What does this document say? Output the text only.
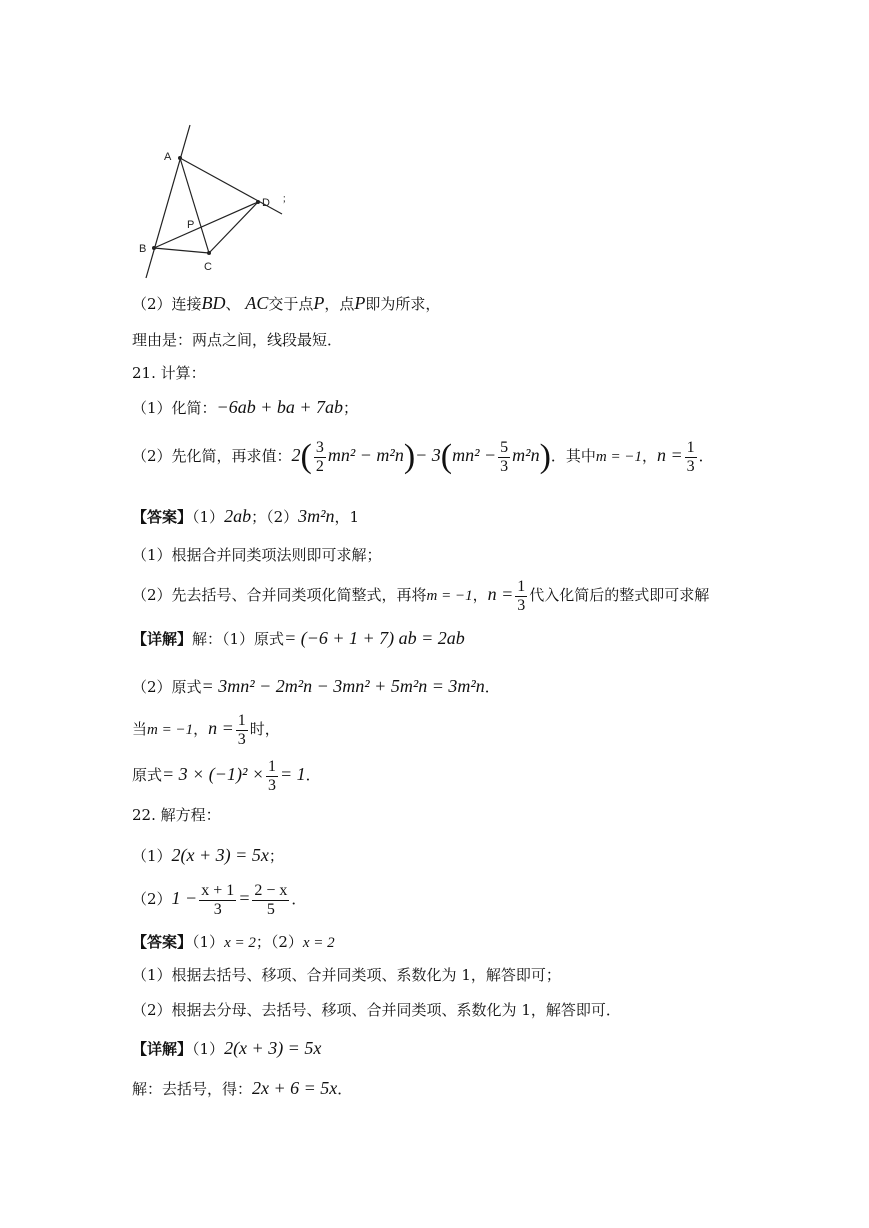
A
B
C
D
P
；
（2）连接BD、 AC交于点P，点P即为所求，
理由是：两点之间，线段最短．
21. 计算：
（1）化简：−6ab + ba + 7ab；
（2）先化简，再求值：$2( \frac{3}{2} mn^2 - m^2n)- 3(mn^2 - \frac{5}{3} m^2n)$．其中m = −1，$n = \frac{1}{3}$ ．
【答案】（1）2ab；（2）3m²n，1
（1）根据合并同类项法则即可求解；
（2）先去括号、合并同类项化简整式，再将m = −1，$n = \frac{1}{3}$ 代入化简后的整式即可求解
【详解】解：（1）原式= (−6 + 1 + 7) ab = 2ab
（2）原式= 3mn² − 2m²n − 3mn² + 5m²n = 3m²n．
当m = −1，$n = \frac{1}{3}$ 时，
原式= $3 \times (-1)^2 \times \frac{1}{3} = 1$．
22. 解方程：
（1）2(x + 3) = 5x；
$(2)1 - \frac{x + 1}{3} = \frac{2 - x}{5}$ ．
【答案】（1）x = 2；（2）x = 2
（1）根据去括号、移项、合并同类项、系数化为 1，解答即可；
（2）根据去分母、去括号、移项、合并同类项、系数化为 1，解答即可．
【详解】（1）2(x + 3) = 5x
解：去括号，得：2x + 6 = 5x．
